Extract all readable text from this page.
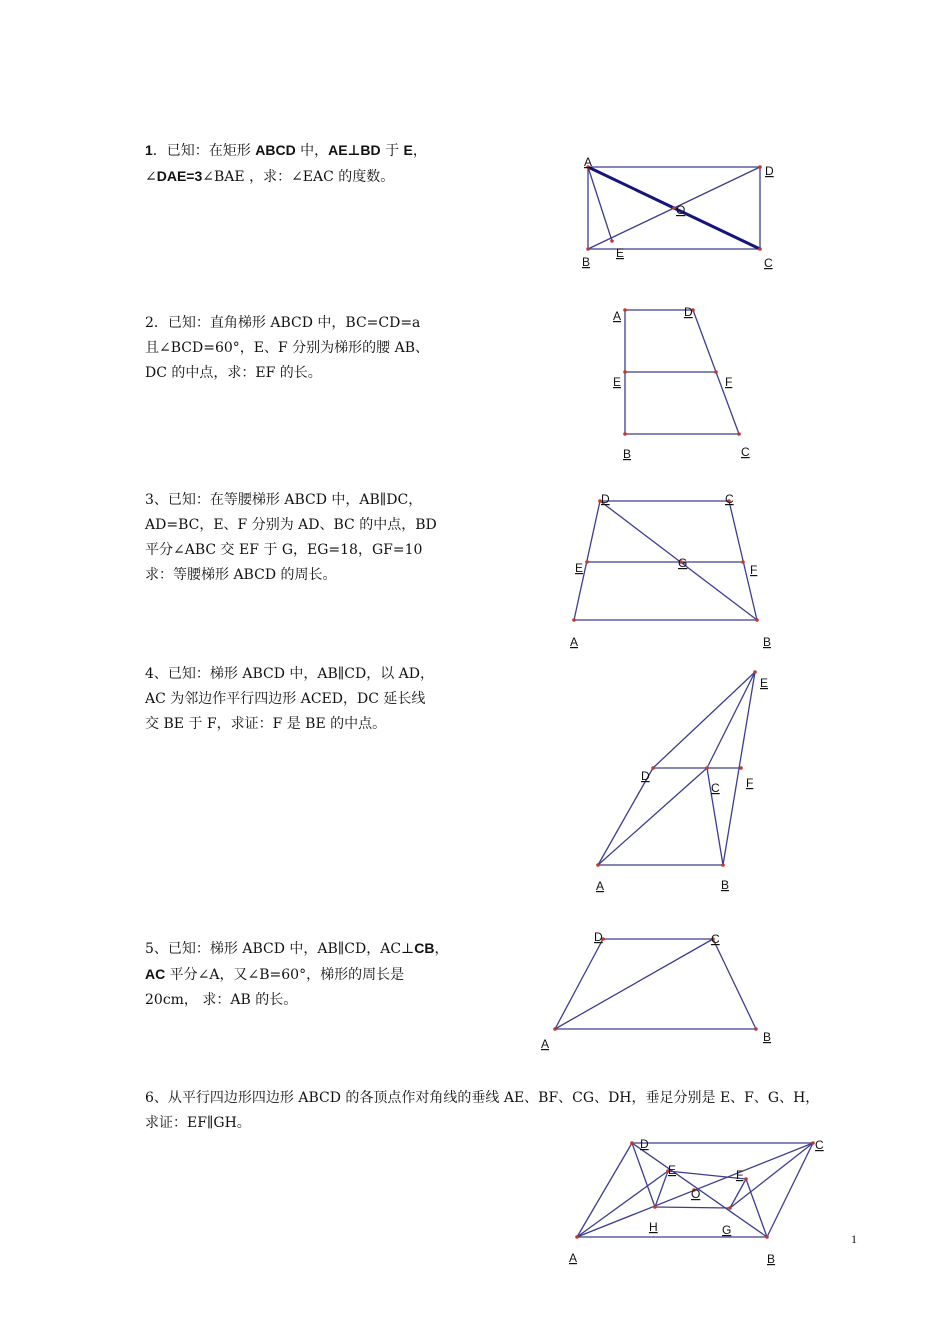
1．已知：在矩形 ABCD 中，AE⊥BD 于 E，
∠DAE=3∠BAE ，求：∠EAC 的度数。
2．已知：直角梯形 ABCD 中，BC=CD=a
且∠BCD=60°，E、F 分别为梯形的腰 AB、
DC 的中点，求：EF 的长。
3、已知：在等腰梯形 ABCD 中，AB∥DC，
AD=BC，E、F 分别为 AD、BC 的中点，BD
平分∠ABC 交 EF 于 G，EG=18，GF=10
求：等腰梯形 ABCD 的周长。
4、已知：梯形 ABCD 中，AB∥CD，以 AD，
AC 为邻边作平行四边形 ACED，DC 延长线
交 BE 于 F，求证：F 是 BE 的中点。
5、已知：梯形 ABCD 中，AB∥CD，AC⊥CB，
AC 平分∠A，又∠B=60°，梯形的周长是
20cm， 求：AB 的长。
6、从平行四边形四边形 ABCD 的各顶点作对角线的垂线 AE、BF、CG、DH，垂足分别是 E、F、G、H，
求证：EF∥GH。
A
D
B	C
O
E
A	D
E	F
B	C
D	C
E	F
A	B
G
E
D
C F
A	B
D	C
A	B
D	C
A	B
E	F
O
H	G
1
